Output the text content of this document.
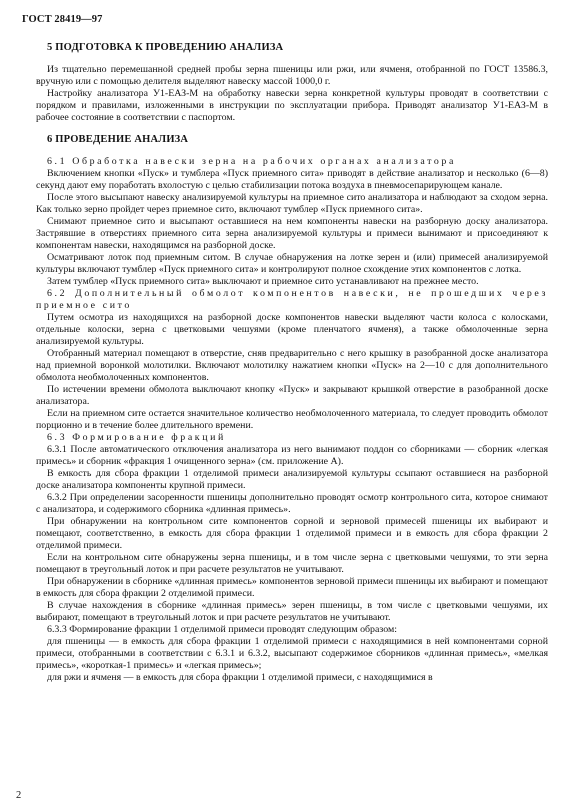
ГОСТ 28419—97
5 ПОДГОТОВКА К ПРОВЕДЕНИЮ АНАЛИЗА

Из тщательно перемешанной средней пробы зерна пшеницы или ржи, или ячменя, отобранной по ГОСТ 13586.3, вручную или с помощью делителя выделяют навеску массой 1000,0 г.

Настройку анализатора У1-ЕАЗ-М на обработку навески зерна конкретной культуры проводят в соответствии с порядком и правилами, изложенными в инструкции по эксплуатации прибора. Приводят анализатор У1-ЕАЗ-М в рабочее состояние в соответствии с паспортом.

6 ПРОВЕДЕНИЕ АНАЛИЗА

6.1 Обработка навески зерна на рабочих органах анализатора

Включением кнопки «Пуск» и тумблера «Пуск приемного сита» приводят в действие анализатор и несколько (6—8) секунд дают ему поработать вхолостую с целью стабилизации потока воздуха в пневмосепарирующем канале.

После этого высыпают навеску анализируемой культуры на приемное сито анализатора и наблюдают за сходом зерна. Как только зерно пройдет через приемное сито, включают тумблер «Пуск приемного сита».

Снимают приемное сито и высыпают оставшиеся на нем компоненты навески на разборную доску анализатора. Застрявшие в отверстиях приемного сита зерна анализируемой культуры и примеси вынимают и присоединяют к компонентам навески, находящимся на разборной доске.

Осматривают лоток под приемным ситом. В случае обнаружения на лотке зерен и (или) примесей анализируемой культуры включают тумблер «Пуск приемного сита» и контролируют полное схождение этих компонентов с лотка.

Затем тумблер «Пуск приемного сита» выключают и приемное сито устанавливают на прежнее место.

6.2 Дополнительный обмолот компонентов навески, не прошедших через приемное сито

Путем осмотра из находящихся на разборной доске компонентов навески выделяют части колоса с колосками, отдельные колоски, зерна с цветковыми чешуями (кроме пленчатого ячменя), а также обмолоченные зерна анализируемой культуры.

Отобранный материал помещают в отверстие, сняв предварительно с него крышку в разобранной доске анализатора над приемной воронкой молотилки. Включают молотилку нажатием кнопки «Пуск» на 2—10 с для дополнительного обмолота необмолоченных компонентов.

По истечении времени обмолота выключают кнопку «Пуск» и закрывают крышкой отверстие в разобранной доске анализатора.

Если на приемном сите остается значительное количество необмолоченного материала, то следует проводить обмолот порционно и в течение более длительного времени.

6.3 Формирование фракций

6.3.1 После автоматического отключения анализатора из него вынимают поддон со сборниками — сборник «легкая примесь» и сборник «фракция 1 очищенного зерна» (см. приложение А).

В емкость для сбора фракции 1 отделимой примеси анализируемой культуры ссыпают оставшиеся на разборной доске анализатора компоненты крупной примеси.

6.3.2 При определении засоренности пшеницы дополнительно проводят осмотр контрольного сита, которое снимают с анализатора, и содержимого сборника «длинная примесь».

При обнаружении на контрольном сите компонентов сорной и зерновой примесей пшеницы их выбирают и помещают, соответственно, в емкость для сбора фракции 1 отделимой примеси и в емкость для сбора фракции 2 отделимой примеси.

Если на контрольном сите обнаружены зерна пшеницы, и в том числе зерна с цветковыми чешуями, то эти зерна помещают в треугольный лоток и при расчете результатов не учитывают.

При обнаружении в сборнике «длинная примесь» компонентов зерновой примеси пшеницы их выбирают и помещают в емкость для сбора фракции 2 отделимой примеси.

В случае нахождения в сборнике «длинная примесь» зерен пшеницы, в том числе с цветковыми чешуями, их выбирают, помещают в треугольный лоток и при расчете результатов не учитывают.

6.3.3 Формирование фракции 1 отделимой примеси проводят следующим образом:

для пшеницы — в емкость для сбора фракции 1 отделимой примеси с находящимися в ней компонентами сорной примеси, отобранными в соответствии с 6.3.1 и 6.3.2, высыпают содержимое сборников «длинная примесь», «мелкая примесь», «короткая-1 примесь» и «легкая примесь»;

для ржи и ячменя — в емкость для сбора фракции 1 отделимой примеси, с находящимися в

2
